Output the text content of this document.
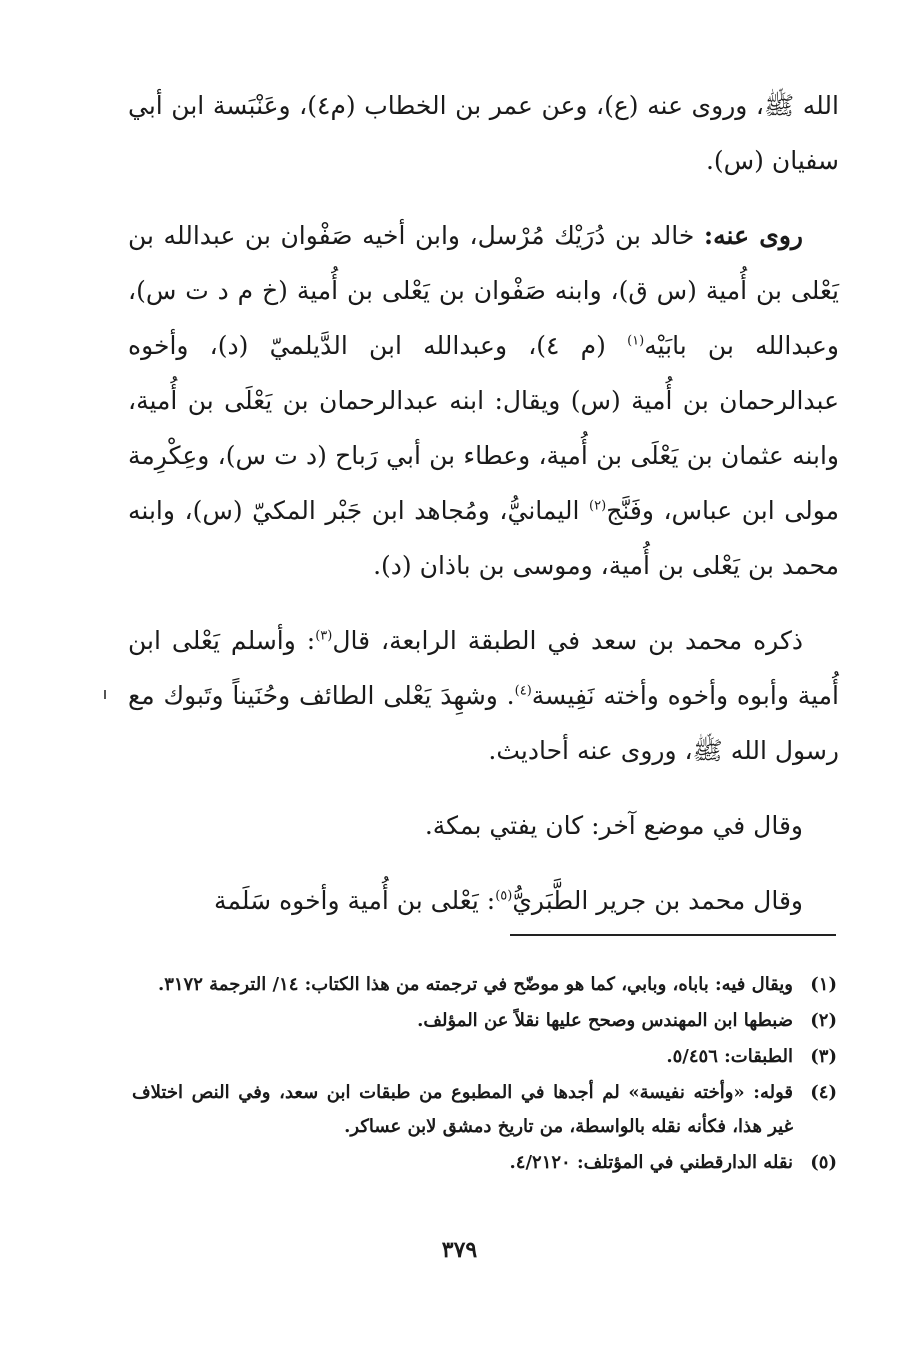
الله ﷺ، وروى عنه (ع)، وعن عمر بن الخطاب (م٤)، وعَنْبَسة ابن أبي سفيان (س).

روى عنه: خالد بن دُرَيْك مُرْسل، وابن أخيه صَفْوان بن عبدالله بن يَعْلى بن أُمية (س ق)، وابنه صَفْوان بن يَعْلى بن أُمية (خ م د ت س)، وعبدالله بن بابَيْه$^{(١)}$ (م ٤)، وعبدالله ابن الدَّيلميّ (د)، وأخوه عبدالرحمان بن أُمية (س) ويقال: ابنه عبدالرحمان بن يَعْلَى بن أُمية، وابنه عثمان بن يَعْلَى بن أُمية، وعطاء بن أبي رَباح (د ت س)، وعِكْرِمة مولى ابن عباس، وفَنَّج$^{(٢)}$ اليمانيُّ، ومُجاهد ابن جَبْر المكيّ (س)، وابنه محمد بن يَعْلى بن أُمية، وموسى بن باذان (د).

ذكره محمد بن سعد في الطبقة الرابعة، قال$^{(٣)}$: وأسلم يَعْلى ابن أُمية وأبوه وأخوه وأخته نَفِيسة$^{(٤)}$. وشهِدَ يَعْلى الطائف وحُنَيناً وتَبوك مع رسول الله ﷺ، وروى عنه أحاديث.

وقال في موضع آخر: كان يفتي بمكة.

وقال محمد بن جرير الطَّبَريُّ$^{(٥)}$: يَعْلى بن أُمية وأخوه سَلَمة

(١)
ويقال فيه: باباه، وبابي، كما هو موضّح في ترجمته من هذا الكتاب: ١٤/ الترجمة ٣١٧٢.
(٢)
ضبطها ابن المهندس وصحح عليها نقلاً عن المؤلف.
(٣)
الطبقات: ٥/٤٥٦.
(٤)
قوله: «وأخته نفيسة» لم أجدها في المطبوع من طبقات ابن سعد، وفي النص اختلاف غير هذا، فكأنه نقله بالواسطة، من تاريخ دمشق لابن عساكر.
(٥)
نقله الدارقطني في المؤتلف: ٤/٢١٢٠.
٣٧٩
